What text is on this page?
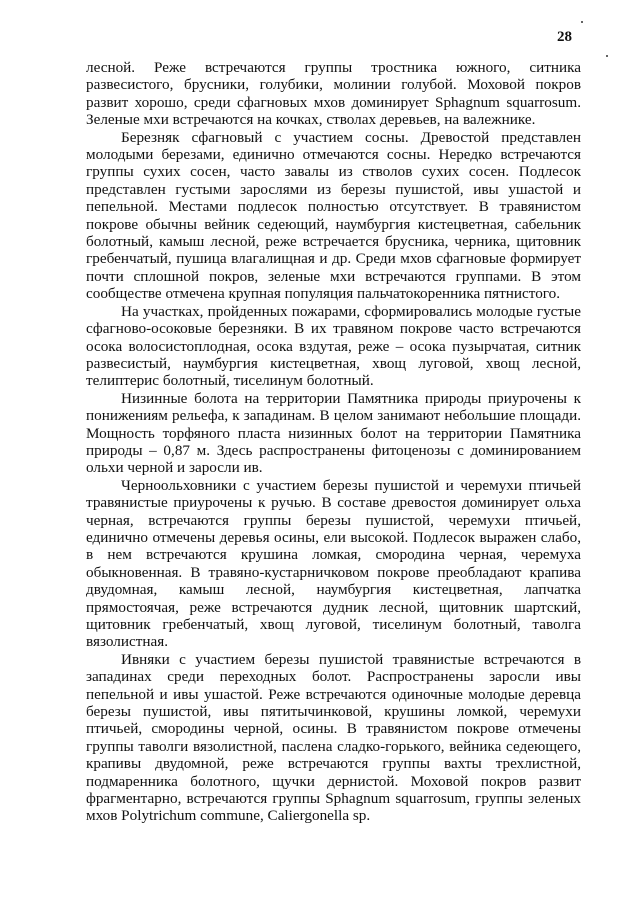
28

лесной. Реже встречаются группы тростника южного, ситника развесистого, брусники, голубики, молинии голубой. Моховой покров развит хорошо, среди сфагновых мхов доминирует Sphagnum squarrosum. Зеленые мхи встречаются на кочках, стволах деревьев, на валежнике.

Березняк сфагновый с участием сосны. Древостой представлен молодыми березами, единично отмечаются сосны. Нередко встречаются группы сухих сосен, часто завалы из стволов сухих сосен. Подлесок представлен густыми зарослями из березы пушистой, ивы ушастой и пепельной. Местами подлесок полностью отсутствует. В травянистом покрове обычны вейник седеющий, наумбургия кистецветная, сабельник болотный, камыш лесной, реже встречается брусника, черника, щитовник гребенчатый, пушица влагалищная и др. Среди мхов сфагновые формирует почти сплошной покров, зеленые мхи встречаются группами. В этом сообществе отмечена крупная популяция пальчатокоренника пятнистого.

На участках, пройденных пожарами, сформировались молодые густые сфагново-осоковые березняки. В их травяном покрове часто встречаются осока волосистоплодная, осока вздутая, реже – осока пузырчатая, ситник развесистый, наумбургия кистецветная, хвощ луговой, хвощ лесной, телиптерис болотный, тиселинум болотный.

Низинные болота на территории Памятника природы приурочены к понижениям рельефа, к западинам. В целом занимают небольшие площади. Мощность торфяного пласта низинных болот на территории Памятника природы – 0,87 м. Здесь распространены фитоценозы с доминированием ольхи черной и заросли ив.

Черноольховники с участием березы пушистой и черемухи птичьей травянистые приурочены к ручью. В составе древостоя доминирует ольха черная, встречаются группы березы пушистой, черемухи птичьей, единично отмечены деревья осины, ели высокой. Подлесок выражен слабо, в нем встречаются крушина ломкая, смородина черная, черемуха обыкновенная. В травяно-кустарничковом покрове преобладают крапива двудомная, камыш лесной, наумбургия кистецветная, лапчатка прямостоячая, реже встречаются дудник лесной, щитовник шартский, щитовник гребенчатый, хвощ луговой, тиселинум болотный, таволга вязолистная.

Ивняки с участием березы пушистой травянистые встречаются в западинах среди переходных болот. Распространены заросли ивы пепельной и ивы ушастой. Реже встречаются одиночные молодые деревца березы пушистой, ивы пятитычинковой, крушины ломкой, черемухи птичьей, смородины черной, осины. В травянистом покрове отмечены группы таволги вязолистной, паслена сладко-горького, вейника седеющего, крапивы двудомной, реже встречаются группы вахты трехлистной, подмаренника болотного, щучки дернистой. Моховой покров развит фрагментарно, встречаются группы Sphagnum squarrosum, группы зеленых мхов Polytrichum commune, Caliergonella sp.
